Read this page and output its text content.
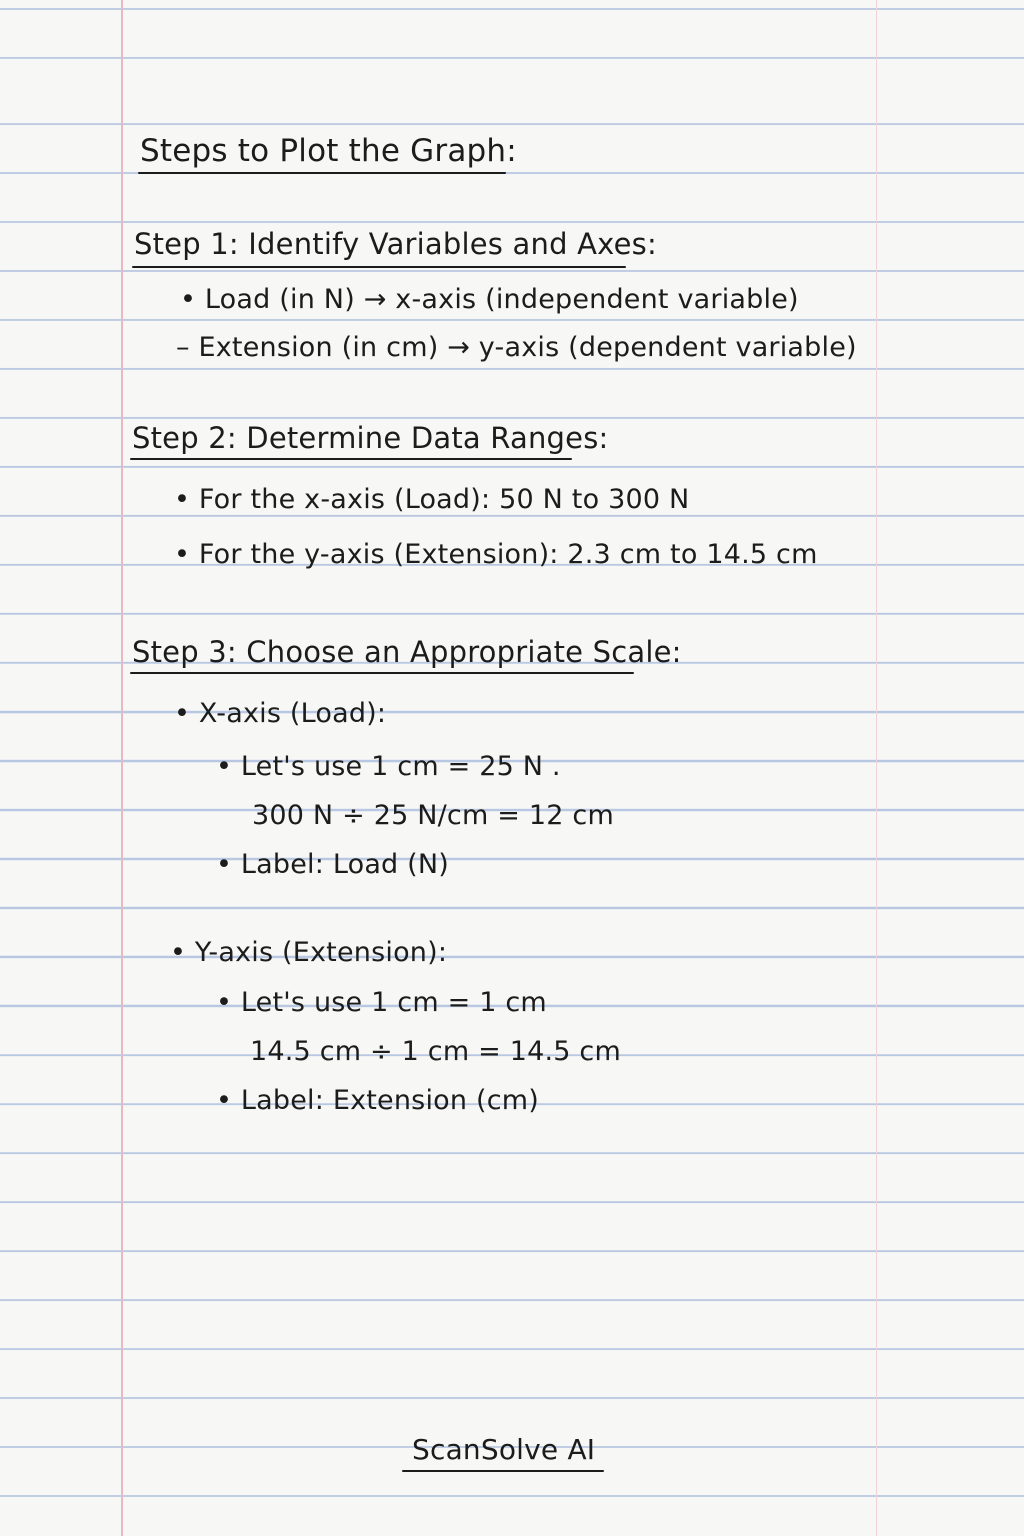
Steps to Plot the Graph:
Step 1: Identify Variables and Axes:
• Load (in N) → x-axis (independent variable)
– Extension (in cm) → y-axis (dependent variable)
Step 2: Determine Data Ranges:
• For the x-axis (Load): 50 N to 300 N
• For the y-axis (Extension): 2.3 cm to 14.5 cm
Step 3: Choose an Appropriate Scale:
• X-axis (Load):
• Let's use 1 cm = 25 N .
300 N ÷ 25 N/cm = 12 cm
• Label: Load (N)
• Y-axis (Extension):
• Let's use 1 cm = 1 cm
14.5 cm ÷ 1 cm = 14.5 cm
• Label: Extension (cm)
ScanSolve AI
